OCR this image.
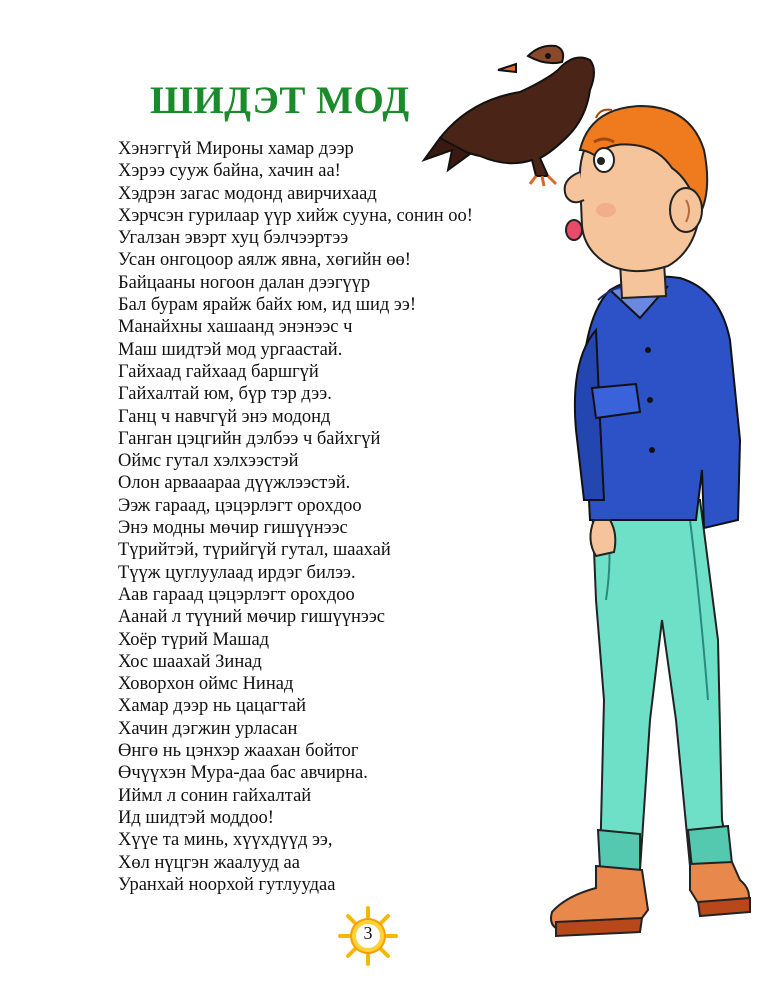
ШИДЭТ МОД
Хэнэггүй Мироны хамар дээр
Хэрээ сууж байна, хачин аа!
Хэдрэн загас модонд авирчихаад
Хэрчсэн гурилаар үүр хийж сууна, сонин оо!
Угалзан эвэрт хуц бэлчээртээ
Усан онгоцоор аялж явна, хөгийн өө!
Байцааны ногоон далан дээгүүр
Бал бурам ярайж байх юм, ид шид ээ!
Манайхны хашаанд энэнээс ч
Маш шидтэй мод ургаастай.
Гайхаад гайхаад баршгүй
Гайхалтай юм, бүр тэр дээ.
Ганц ч навчгүй энэ модонд
Ганган цэцгийн дэлбээ ч байхгүй
Оймс гутал хэлхээстэй
Олон арвааараа дүүжлээстэй.
Ээж гараад, цэцэрлэгт орохдоо
Энэ модны мөчир гишүүнээс
Түрийтэй, түрийгүй гутал, шаахай
Түүж цуглуулаад ирдэг билээ.
Аав гараад цэцэрлэгт орохдоо
Аанай л түүний мөчир гишүүнээс
Хоёр түрий Машад
Хос шаахай Зинад
Ховорхон оймс Нинад
Хамар дээр нь цацагтай
Хачин дэгжин урласан
Өнгө нь цэнхэр жаахан бойтог
Өчүүхэн Мура-даа бас авчирна.
Иймл л сонин гайхалтай
Ид шидтэй моддоо!
Хүүе та минь, хүүхдүүд ээ,
Хөл нүцгэн жаалууд аа
Уранхай ноорхой гутлуудаа
3
